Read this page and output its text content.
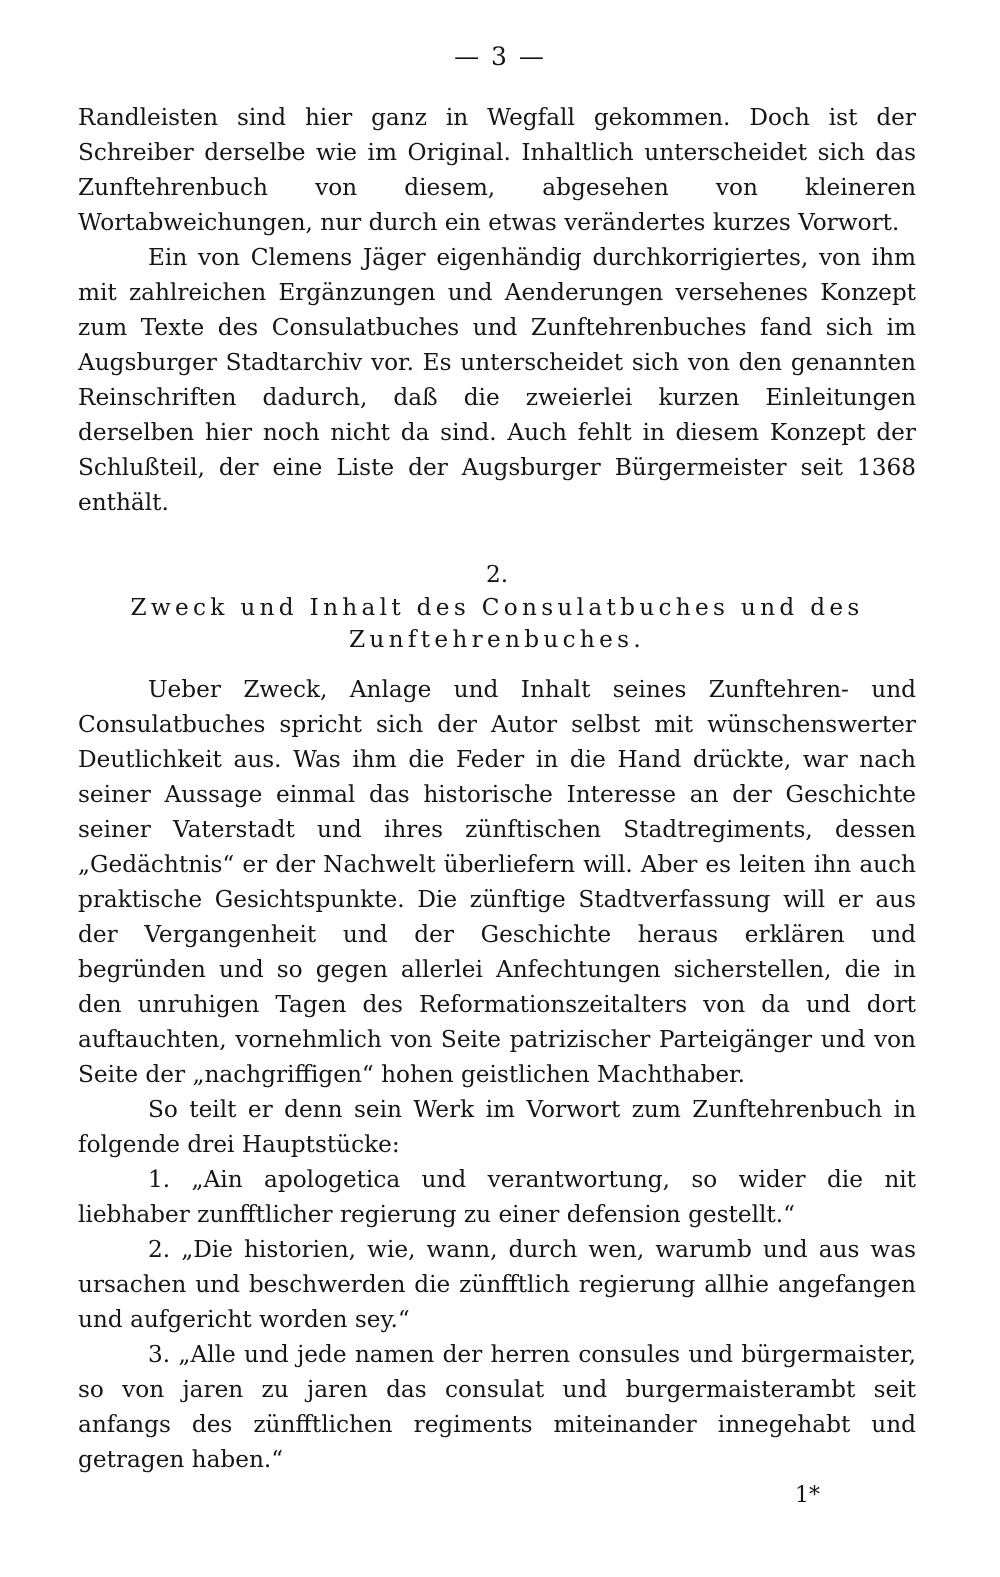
— 3 —

Randleisten sind hier ganz in Wegfall gekommen. Doch ist der Schreiber derselbe wie im Original. Inhaltlich unterscheidet sich das Zunftehrenbuch von diesem, abgesehen von kleineren Wortabweichungen, nur durch ein etwas verändertes kurzes Vorwort.

Ein von Clemens Jäger eigenhändig durchkorrigiertes, von ihm mit zahlreichen Ergänzungen und Aenderungen versehenes Konzept zum Texte des Consulatbuches und Zunftehrenbuches fand sich im Augsburger Stadtarchiv vor. Es unterscheidet sich von den genannten Reinschriften dadurch, daß die zweierlei kurzen Einleitungen derselben hier noch nicht da sind. Auch fehlt in diesem Konzept der Schlußteil, der eine Liste der Augsburger Bürgermeister seit 1368 enthält.

2.

Zweck und Inhalt des Consulatbuches und des Zunftehrenbuches.

Ueber Zweck, Anlage und Inhalt seines Zunftehren- und Consulatbuches spricht sich der Autor selbst mit wünschenswerter Deutlichkeit aus. Was ihm die Feder in die Hand drückte, war nach seiner Aussage einmal das historische Interesse an der Geschichte seiner Vaterstadt und ihres zünftischen Stadtregiments, dessen „Gedächtnis“ er der Nachwelt überliefern will. Aber es leiten ihn auch praktische Gesichtspunkte. Die zünftige Stadtverfassung will er aus der Vergangenheit und der Geschichte heraus erklären und begründen und so gegen allerlei Anfechtungen sicherstellen, die in den unruhigen Tagen des Reformationszeitalters von da und dort auftauchten, vornehmlich von Seite patrizischer Parteigänger und von Seite der „nachgriffigen“ hohen geistlichen Machthaber.

So teilt er denn sein Werk im Vorwort zum Zunftehrenbuch in folgende drei Hauptstücke:

1. „Ain apologetica und verantwortung, so wider die nit liebhaber zunfftlicher regierung zu einer defension gestellt.“

2. „Die historien, wie, wann, durch wen, warumb und aus was ursachen und beschwerden die zünfftlich regierung allhie angefangen und aufgericht worden sey.“

3. „Alle und jede namen der herren consules und bürgermaister, so von jaren zu jaren das consulat und burgermaisterambt seit anfangs des zünfftlichen regiments miteinander innegehabt und getragen haben.“

1*
